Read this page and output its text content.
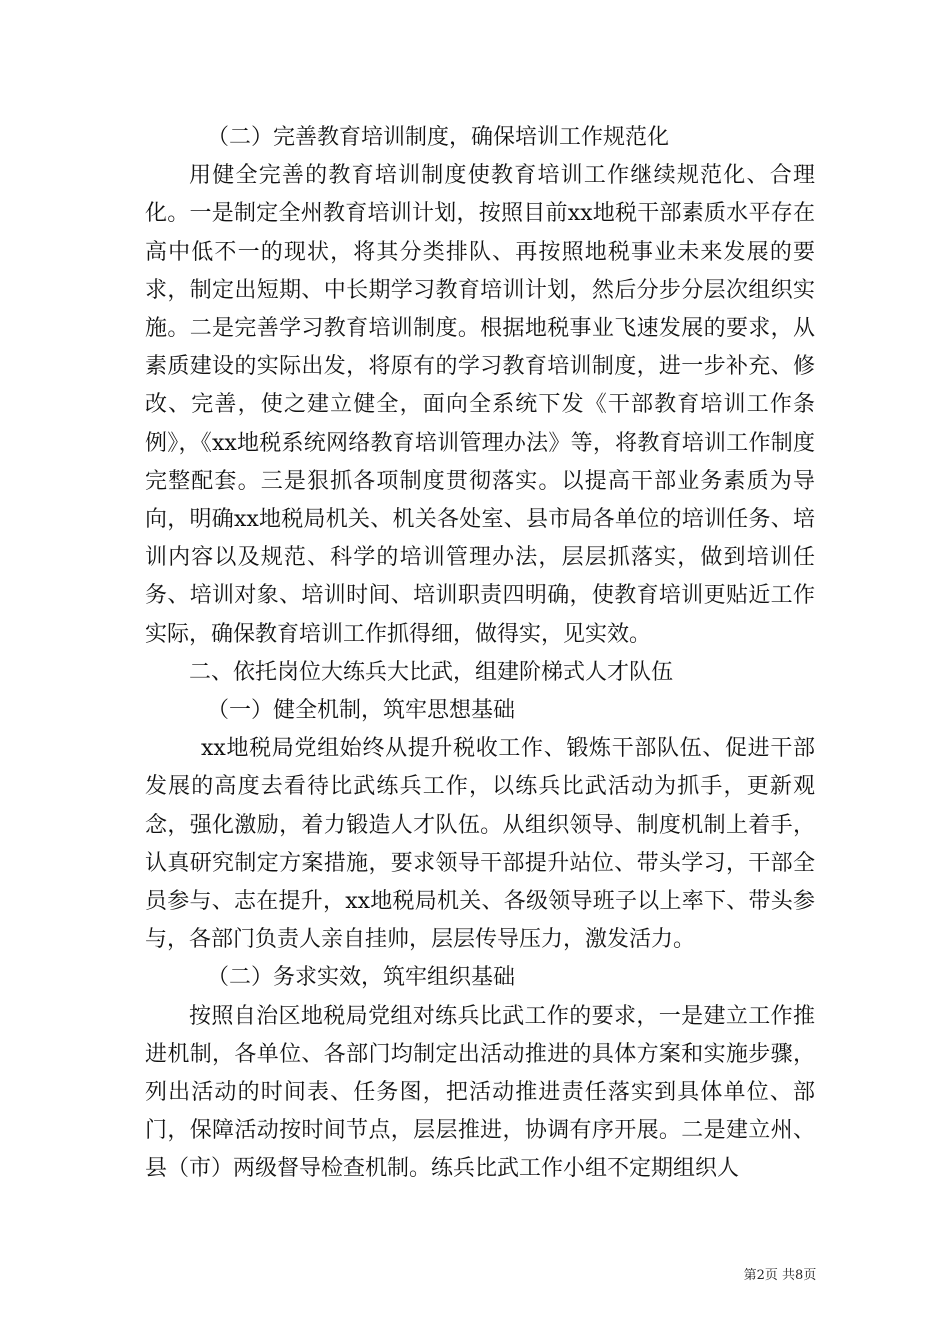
（二）完善教育培训制度，确保培训工作规范化

用健全完善的教育培训制度使教育培训工作继续规范化、合理化。一是制定全州教育培训计划，按照目前xx地税干部素质水平存在高中低不一的现状，将其分类排队、再按照地税事业未来发展的要求，制定出短期、中长期学习教育培训计划，然后分步分层次组织实施。二是完善学习教育培训制度。根据地税事业飞速发展的要求，从素质建设的实际出发，将原有的学习教育培训制度，进一步补充、修改、完善，使之建立健全，面向全系统下发《干部教育培训工作条例》，《xx地税系统网络教育培训管理办法》等，将教育培训工作制度完整配套。三是狠抓各项制度贯彻落实。以提高干部业务素质为导向，明确xx地税局机关、机关各处室、县市局各单位的培训任务、培训内容以及规范、科学的培训管理办法，层层抓落实，做到培训任务、培训对象、培训时间、培训职责四明确，使教育培训更贴近工作实际，确保教育培训工作抓得细，做得实，见实效。

二、依托岗位大练兵大比武，组建阶梯式人才队伍

（一）健全机制，筑牢思想基础

xx地税局党组始终从提升税收工作、锻炼干部队伍、促进干部发展的高度去看待比武练兵工作，以练兵比武活动为抓手，更新观念，强化激励，着力锻造人才队伍。从组织领导、制度机制上着手，认真研究制定方案措施，要求领导干部提升站位、带头学习，干部全员参与、志在提升，xx地税局机关、各级领导班子以上率下、带头参与，各部门负责人亲自挂帅，层层传导压力，激发活力。

（二）务求实效，筑牢组织基础

按照自治区地税局党组对练兵比武工作的要求，一是建立工作推进机制，各单位、各部门均制定出活动推进的具体方案和实施步骤，列出活动的时间表、任务图，把活动推进责任落实到具体单位、部门，保障活动按时间节点，层层推进，协调有序开展。二是建立州、县（市）两级督导检查机制。练兵比武工作小组不定期组织人

第2页 共8页
